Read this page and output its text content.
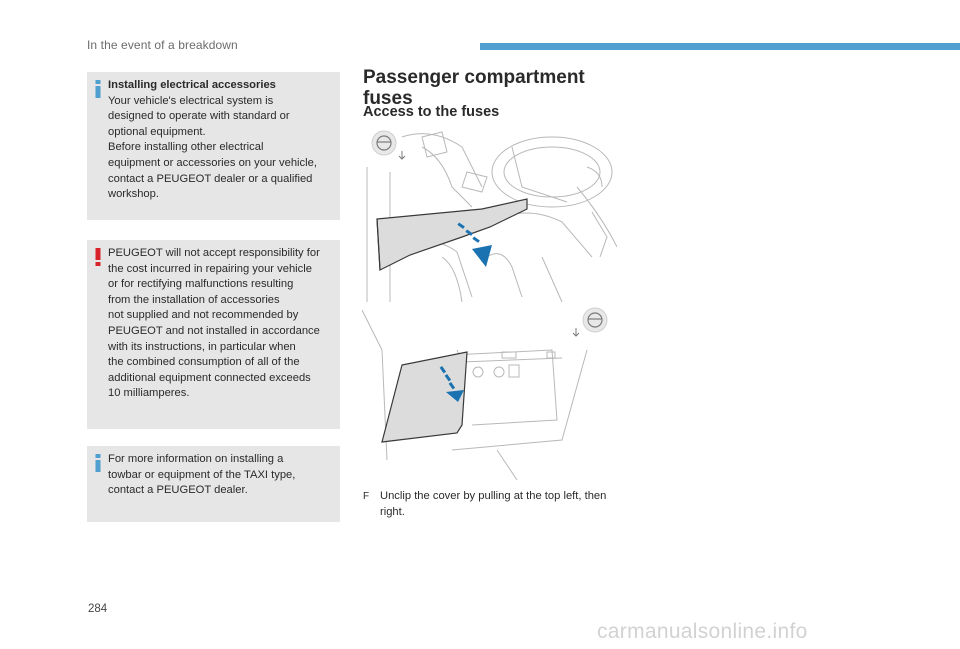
In the event of a breakdown

Installing electrical accessories

Your vehicle's electrical system is
designed to operate with standard or
optional equipment.
Before installing other electrical
equipment or accessories on your vehicle,
contact a PEUGEOT dealer or a qualified
workshop.

PEUGEOT will not accept responsibility for
the cost incurred in repairing your vehicle
or for rectifying malfunctions resulting
from the installation of accessories
not supplied and not recommended by
PEUGEOT and not installed in accordance
with its instructions, in particular when
the combined consumption of all of the
additional equipment connected exceeds
10 milliamperes.

For more information on installing a
towbar or equipment of the TAXI type,
contact a PEUGEOT dealer.

Passenger compartment fuses
Access to the fuses
F Unclip the cover by pulling at the top left, then right.
284
carmanualsonline.info
